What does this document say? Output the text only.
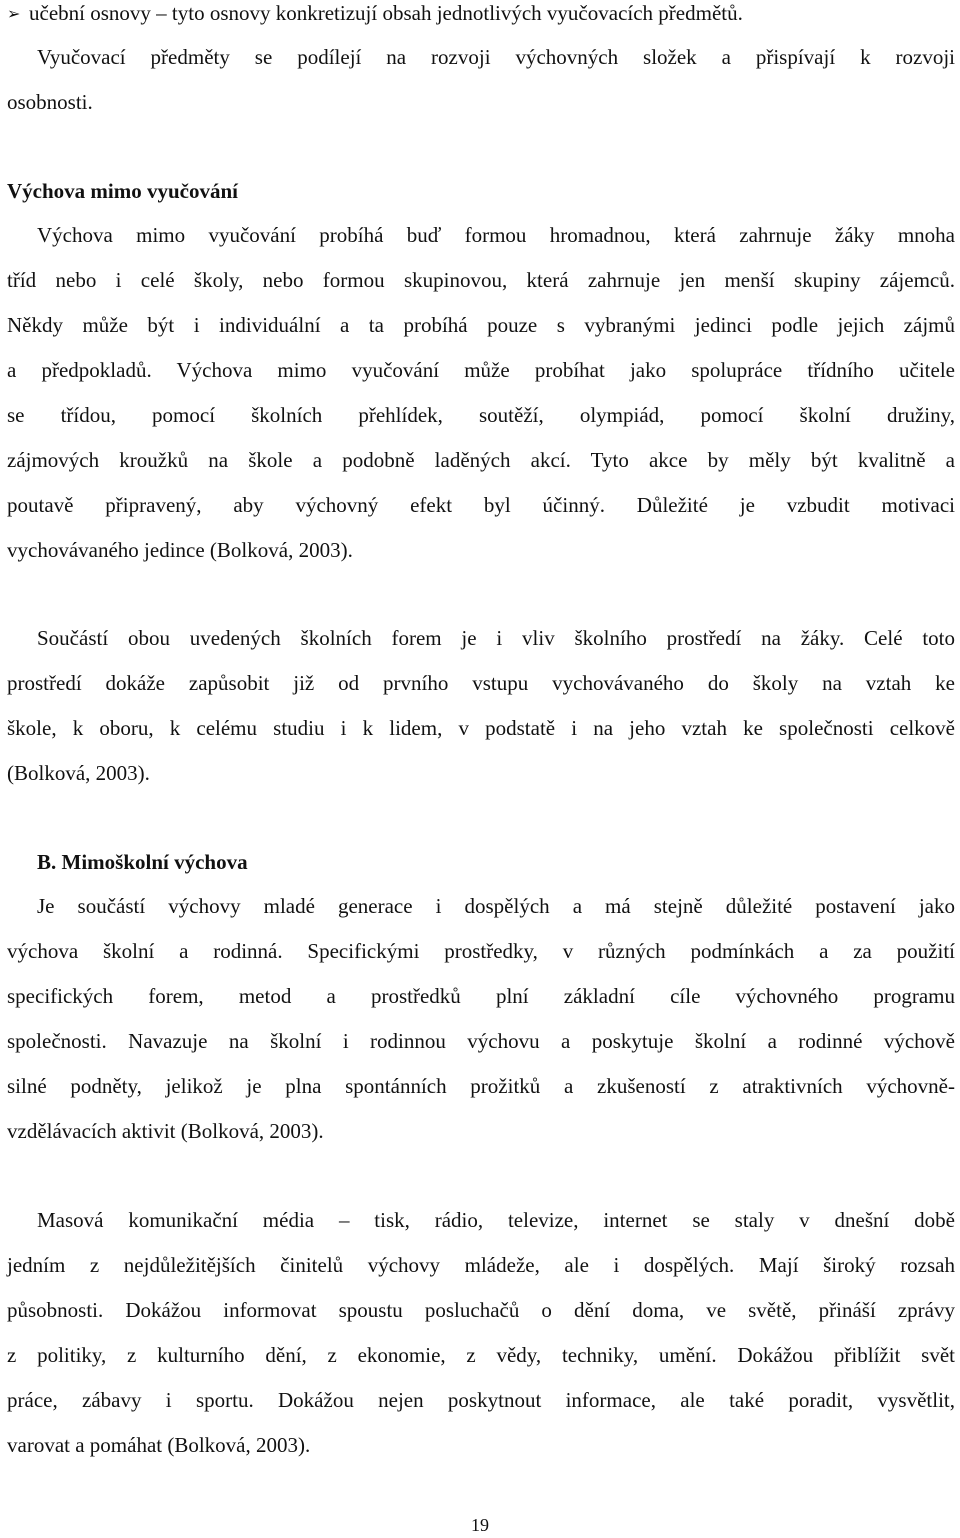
➢ učební osnovy – tyto osnovy konkretizují obsah jednotlivých vyučovacích předmětů.
Vyučovací předměty se podílejí na rozvoji výchovných složek a přispívají k rozvoji
osobnosti.
Výchova mimo vyučování
Výchova mimo vyučování probíhá buď formou hromadnou, která zahrnuje žáky mnoha
tříd nebo i celé školy, nebo formou skupinovou, která zahrnuje jen menší skupiny zájemců.
Někdy může být i individuální a ta probíhá pouze s vybranými jedinci podle jejich zájmů
a předpokladů. Výchova mimo vyučování může probíhat jako spolupráce třídního učitele
se třídou, pomocí školních přehlídek, soutěží, olympiád, pomocí školní družiny,
zájmových kroužků na škole a podobně laděných akcí. Tyto akce by měly být kvalitně a
poutavě připravený, aby výchovný efekt byl účinný. Důležité je vzbudit motivaci
vychovávaného jedince (Bolková, 2003).
Součástí obou uvedených školních forem je i vliv školního prostředí na žáky. Celé toto
prostředí dokáže zapůsobit již od prvního vstupu vychovávaného do školy na vztah ke
škole, k oboru, k celému studiu i k lidem, v podstatě i na jeho vztah ke společnosti celkově
(Bolková, 2003).
B. Mimoškolní výchova
Je součástí výchovy mladé generace i dospělých a má stejně důležité postavení jako
výchova školní a rodinná. Specifickými prostředky, v různých podmínkách a za použití
specifických forem, metod a prostředků plní základní cíle výchovného programu
společnosti. Navazuje na školní i rodinnou výchovu a poskytuje školní a rodinné výchově
silné podněty, jelikož je plna spontánních prožitků a zkušeností z atraktivních výchovně-
vzdělávacích aktivit (Bolková, 2003).
Masová komunikační média – tisk, rádio, televize, internet se staly v dnešní době
jedním z nejdůležitějších činitelů výchovy mládeže, ale i dospělých. Mají široký rozsah
působnosti. Dokážou informovat spoustu posluchačů o dění doma, ve světě, přináší zprávy
z politiky, z kulturního dění, z ekonomie, z vědy, techniky, umění. Dokážou přiblížit svět
práce, zábavy i sportu. Dokážou nejen poskytnout informace, ale také poradit, vysvětlit,
varovat a pomáhat (Bolková, 2003).
19
